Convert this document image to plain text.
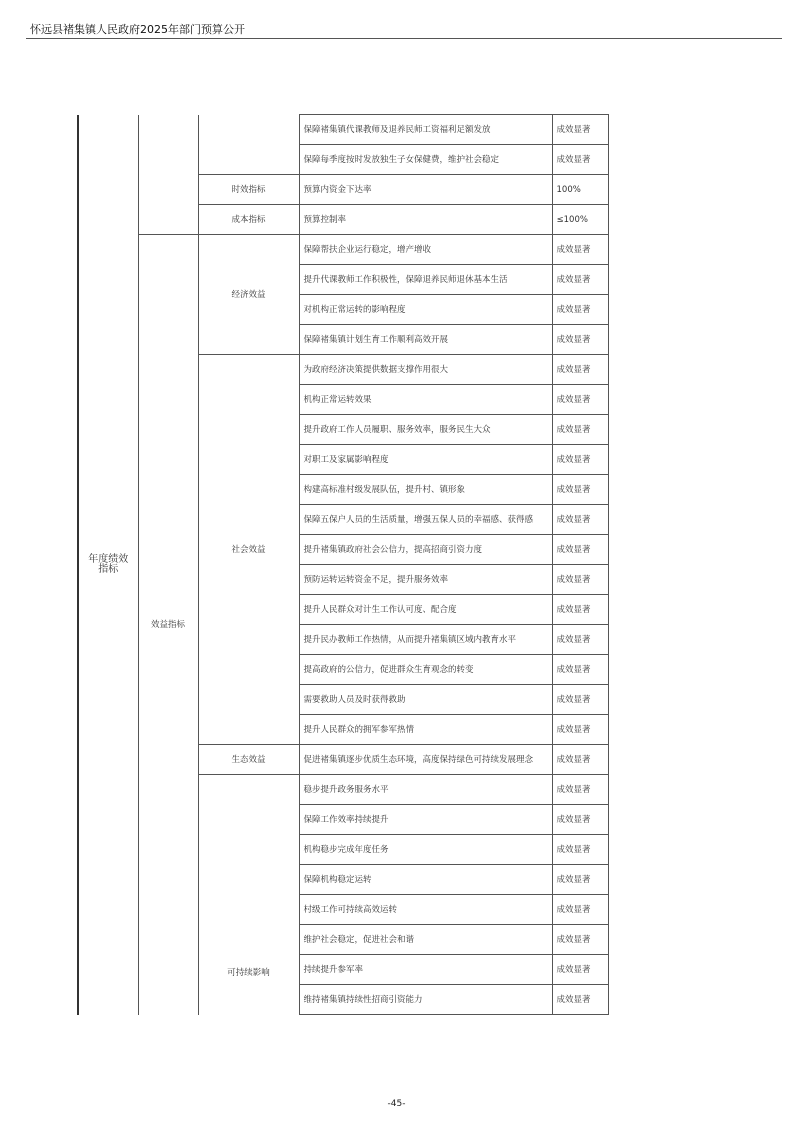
怀远县褚集镇人民政府2025年部门预算公开
年度绩效
指标			保障褚集镇代课教师及退养民师工资福利足额发放	成效显著
			保障每季度按时发放独生子女保健费，维护社会稳定	成效显著
		时效指标	预算内资金下达率	100%
		成本指标	预算控制率	≤100%
	效益指标	经济效益	保障帮扶企业运行稳定，增产增收	成效显著
			提升代课教师工作积极性，保障退养民师退休基本生活	成效显著
			对机构正常运转的影响程度	成效显著
			保障褚集镇计划生育工作顺利高效开展	成效显著
		社会效益	为政府经济决策提供数据支撑作用很大	成效显著
			机构正常运转效果	成效显著
			提升政府工作人员履职、服务效率，服务民生大众	成效显著
			对职工及家属影响程度	成效显著
			构建高标准村级发展队伍，提升村、镇形象	成效显著
			保障五保户人员的生活质量，增强五保人员的幸福感、获得感	成效显著
			提升褚集镇政府社会公信力，提高招商引资力度	成效显著
			预防运转运转资金不足，提升服务效率	成效显著
			提升人民群众对计生工作认可度、配合度	成效显著
			提升民办教师工作热情，从而提升褚集镇区域内教育水平	成效显著
			提高政府的公信力，促进群众生育观念的转变	成效显著
			需要救助人员及时获得救助	成效显著
			提升人民群众的拥军参军热情	成效显著
		生态效益	促进褚集镇逐步优质生态环境，高度保持绿色可持续发展理念	成效显著
		可持续影响	稳步提升政务服务水平	成效显著
			保障工作效率持续提升	成效显著
			机构稳步完成年度任务	成效显著
			保障机构稳定运转	成效显著
			村级工作可持续高效运转	成效显著
			维护社会稳定，促进社会和谐	成效显著
			持续提升参军率	成效显著
			维持褚集镇持续性招商引资能力	成效显著
-45-
